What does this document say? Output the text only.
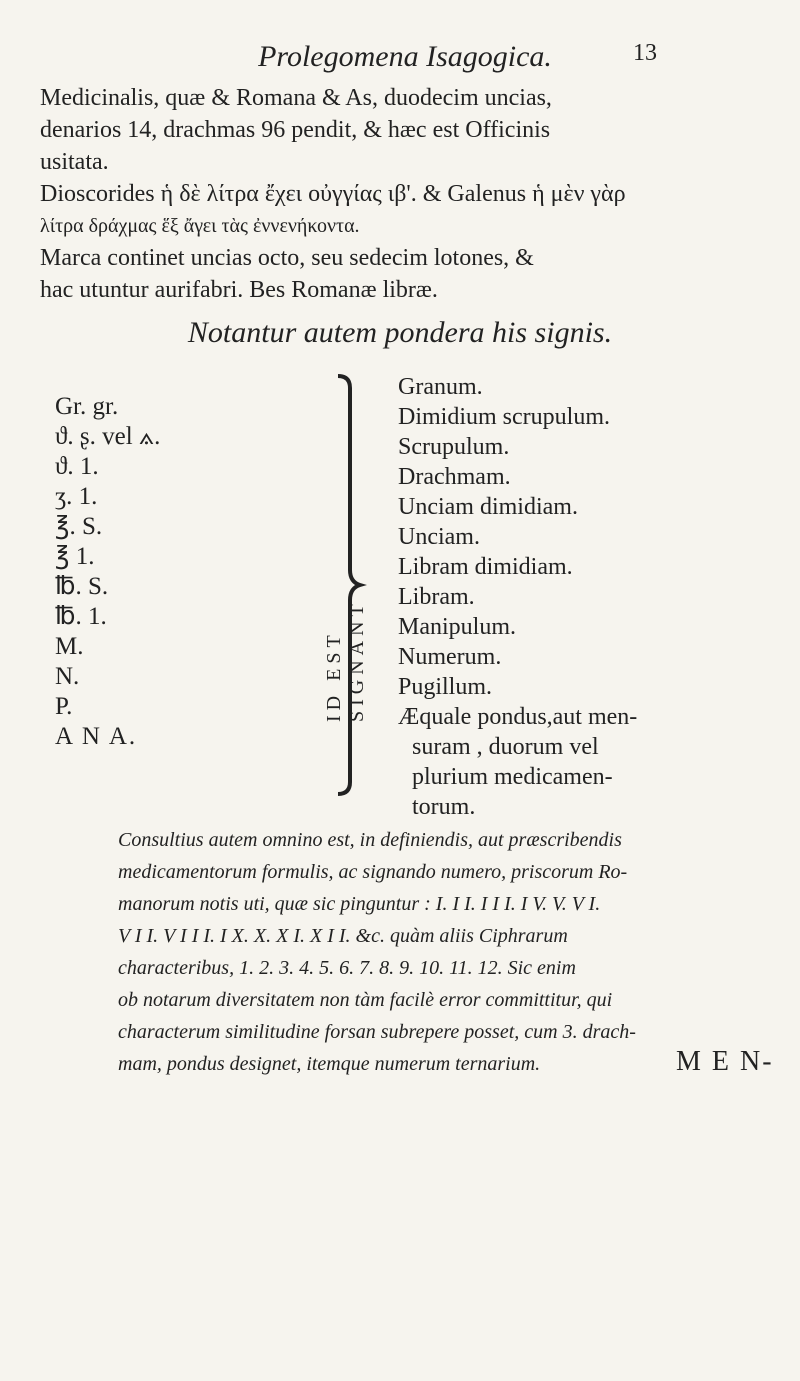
Prolegomena Isagogica.	13
Medicinalis, quæ & Romana & As, duodecim uncias,
denarios 14, drachmas 96 pendit, & hæc est Officinis
usitata.
Dioscorides ἡ δὲ λίτρα ἔχει οὐγγίας ιβ'. & Galenus ἡ μὲν γὰρ
λίτρα δράχμας ἕξ ἄγει τὰς ἐννενήκοντα.
Marca continet uncias octo, seu sedecim lotones, &
hac utuntur aurifabri. Bes Romanæ libræ.
Notantur autem pondera his signis.
Gr. gr.
ϑ. ʂ. vel ⟑.
ϑ. 1.
ʒ. 1.
℥. S.
℥ 1.
℔. S.
℔. 1.
M.
N.
P.
A N A.
ID EST SIGNANT
Granum.
Dimidium scrupulum.
Scrupulum.
Drachmam.
Unciam dimidiam.
Unciam.
Libram dimidiam.
Libram.
Manipulum.
Numerum.
Pugillum.
Æquale pondus,aut men-
suram , duorum vel
plurium medicamen-
torum.
Consultius autem omnino est, in definiendis, aut præscribendis
medicamentorum formulis, ac signando numero, priscorum Ro-
manorum notis uti, quæ sic pinguntur : I. I I. I I I. I V. V. V I.
V I I. V I I I. I X. X. X I. X I I. &c. quàm aliis Ciphrarum
characteribus, 1. 2. 3. 4. 5. 6. 7. 8. 9. 10. 11. 12. Sic enim
ob notarum diversitatem non tàm facilè error committitur, qui
characterum similitudine forsan subrepere posset, cum 3. drach-
mam, pondus designet, itemque numerum ternarium.	M E N-
